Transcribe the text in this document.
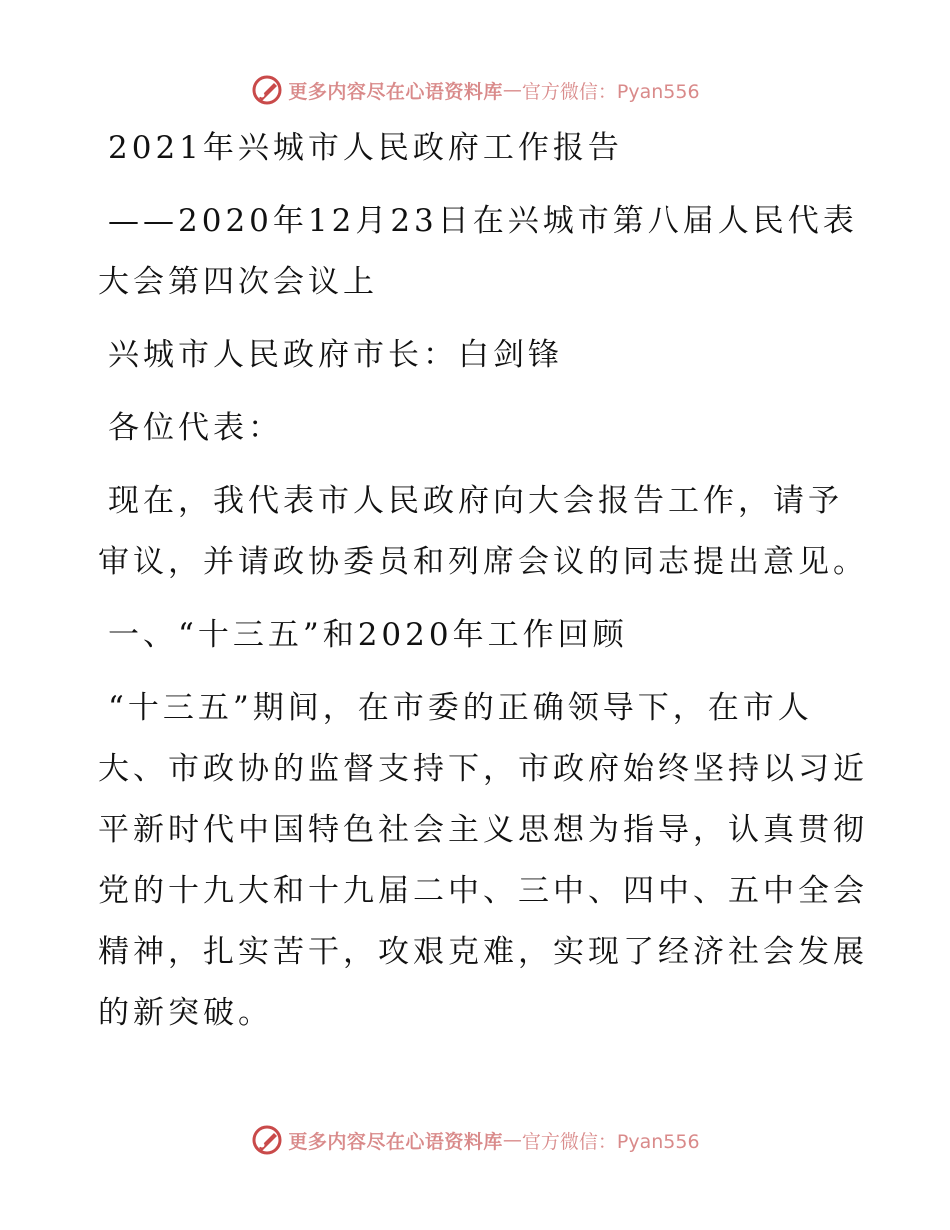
更多内容尽在心语资料库 — 官方微信：Pyan556
2021年兴城市人民政府工作报告
——2020年12月23日在兴城市第八届人民代表
大会第四次会议上
兴城市人民政府市长：白剑锋
各位代表：
现在，我代表市人民政府向大会报告工作，请予
审议，并请政协委员和列席会议的同志提出意见。
一、“十三五”和2020年工作回顾
“十三五”期间，在市委的正确领导下，在市人
大、市政协的监督支持下，市政府始终坚持以习近
平新时代中国特色社会主义思想为指导，认真贯彻
党的十九大和十九届二中、三中、四中、五中全会
精神，扎实苦干，攻艰克难，实现了经济社会发展
的新突破。
更多内容尽在心语资料库 — 官方微信：Pyan556
